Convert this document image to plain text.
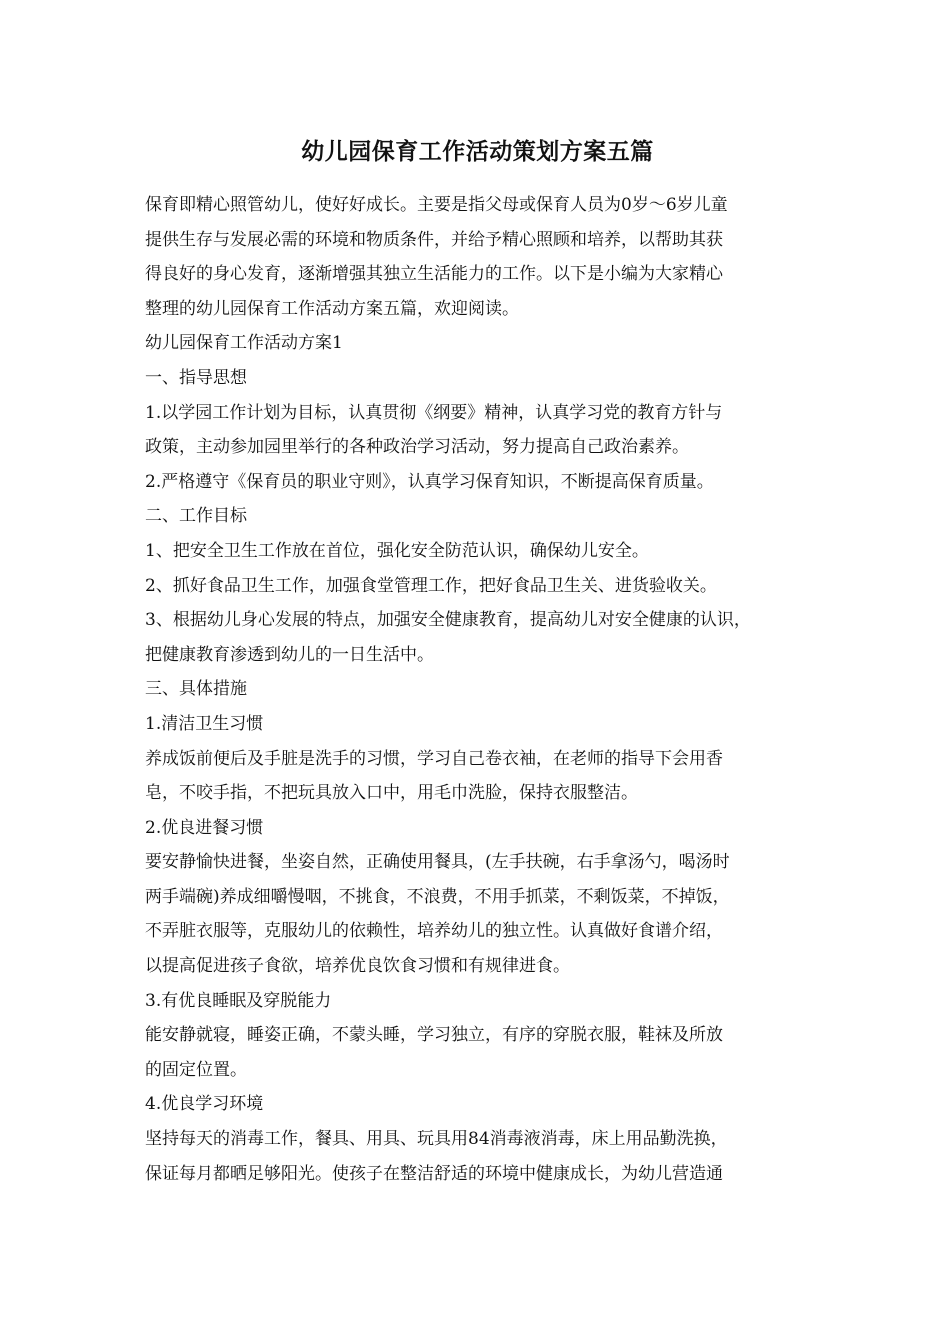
幼儿园保育工作活动策划方案五篇

保育即精心照管幼儿，使好好成长。主要是指父母或保育人员为0岁～6岁儿童

提供生存与发展必需的环境和物质条件，并给予精心照顾和培养，以帮助其获

得良好的身心发育，逐渐增强其独立生活能力的工作。以下是小编为大家精心

整理的幼儿园保育工作活动方案五篇，欢迎阅读。

幼儿园保育工作活动方案1

一、指导思想

1.以学园工作计划为目标，认真贯彻《纲要》精神，认真学习党的教育方针与

政策，主动参加园里举行的各种政治学习活动，努力提高自己政治素养。

2.严格遵守《保育员的职业守则》，认真学习保育知识，不断提高保育质量。

二、工作目标

1、把安全卫生工作放在首位，强化安全防范认识，确保幼儿安全。

2、抓好食品卫生工作，加强食堂管理工作，把好食品卫生关、进货验收关。

3、根据幼儿身心发展的特点，加强安全健康教育，提高幼儿对安全健康的认识，

把健康教育渗透到幼儿的一日生活中。

三、具体措施

1.清洁卫生习惯

养成饭前便后及手脏是洗手的习惯，学习自己卷衣袖，在老师的指导下会用香

皂，不咬手指，不把玩具放入口中，用毛巾洗脸，保持衣服整洁。

2.优良进餐习惯

要安静愉快进餐，坐姿自然，正确使用餐具，(左手扶碗，右手拿汤勺，喝汤时

两手端碗)养成细嚼慢咽，不挑食，不浪费，不用手抓菜，不剩饭菜，不掉饭，

不弄脏衣服等，克服幼儿的依赖性，培养幼儿的独立性。认真做好食谱介绍，

以提高促进孩子食欲，培养优良饮食习惯和有规律进食。

3.有优良睡眠及穿脱能力

能安静就寝，睡姿正确，不蒙头睡，学习独立，有序的穿脱衣服，鞋袜及所放

的固定位置。

4.优良学习环境

坚持每天的消毒工作，餐具、用具、玩具用84消毒液消毒，床上用品勤洗换，

保证每月都晒足够阳光。使孩子在整洁舒适的环境中健康成长，为幼儿营造通
